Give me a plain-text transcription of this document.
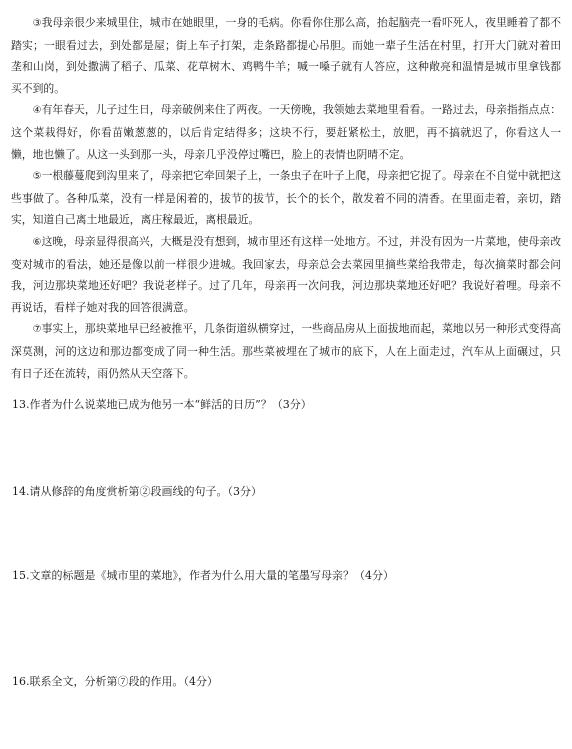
③我母亲很少来城里住，城市在她眼里，一身的毛病。你看你住那么高，抬起脑壳一看吓死人，夜里睡着了都不踏实；一眼看过去，到处都是屋；街上车子打架，走条路都提心吊胆。而她一辈子生活在村里，打开大门就对着田垄和山岗，到处撒满了稻子、瓜菜、花草树木、鸡鸭牛羊；喊一嗓子就有人答应，这种敞亮和温情是城市里拿钱都买不到的。

④有年春天，儿子过生日，母亲破例来住了两夜。一天傍晚，我领她去菜地里看看。一路过去，母亲指指点点：这个菜栽得好，你看苗嫩葱葱的，以后肯定结得多；这块不行，要赶紧松土，放肥，再不搞就迟了，你看这人一懒，地也懒了。从这一头到那一头，母亲几乎没停过嘴巴，脸上的表情也阴晴不定。

⑤一根藤蔓爬到沟里来了，母亲把它牵回架子上，一条虫子在叶子上爬，母亲把它捉了。母亲在不自觉中就把这些事做了。各种瓜菜，没有一样是闲着的，拔节的拔节，长个的长个，散发着不同的清香。在里面走着，亲切，踏实，知道自己离土地最近，离庄稼最近，离根最近。

⑥这晚，母亲显得很高兴，大概是没有想到，城市里还有这样一处地方。不过，并没有因为一片菜地，使母亲改变对城市的看法，她还是像以前一样很少进城。我回家去，母亲总会去菜园里摘些菜给我带走，每次摘菜时都会问我，河边那块菜地还好吧？我说老样子。过了几年，母亲再一次问我，河边那块菜地还好吧？我说好着哩。母亲不再说话，看样子她对我的回答很满意。

⑦事实上，那块菜地早已经被推平，几条街道纵横穿过，一些商品房从上面拔地而起，菜地以另一种形式变得高深莫测，河的这边和那边都变成了同一种生活。那些菜被埋在了城市的底下，人在上面走过，汽车从上面碾过，只有日子还在流转，雨仍然从天空落下。

13.作者为什么说菜地已成为他另一本“鲜活的日历”？（3分）

14.请从修辞的角度赏析第②段画线的句子。（3分）

15.文章的标题是《城市里的菜地》，作者为什么用大量的笔墨写母亲？（4分）

16.联系全文，分析第⑦段的作用。（4分）
